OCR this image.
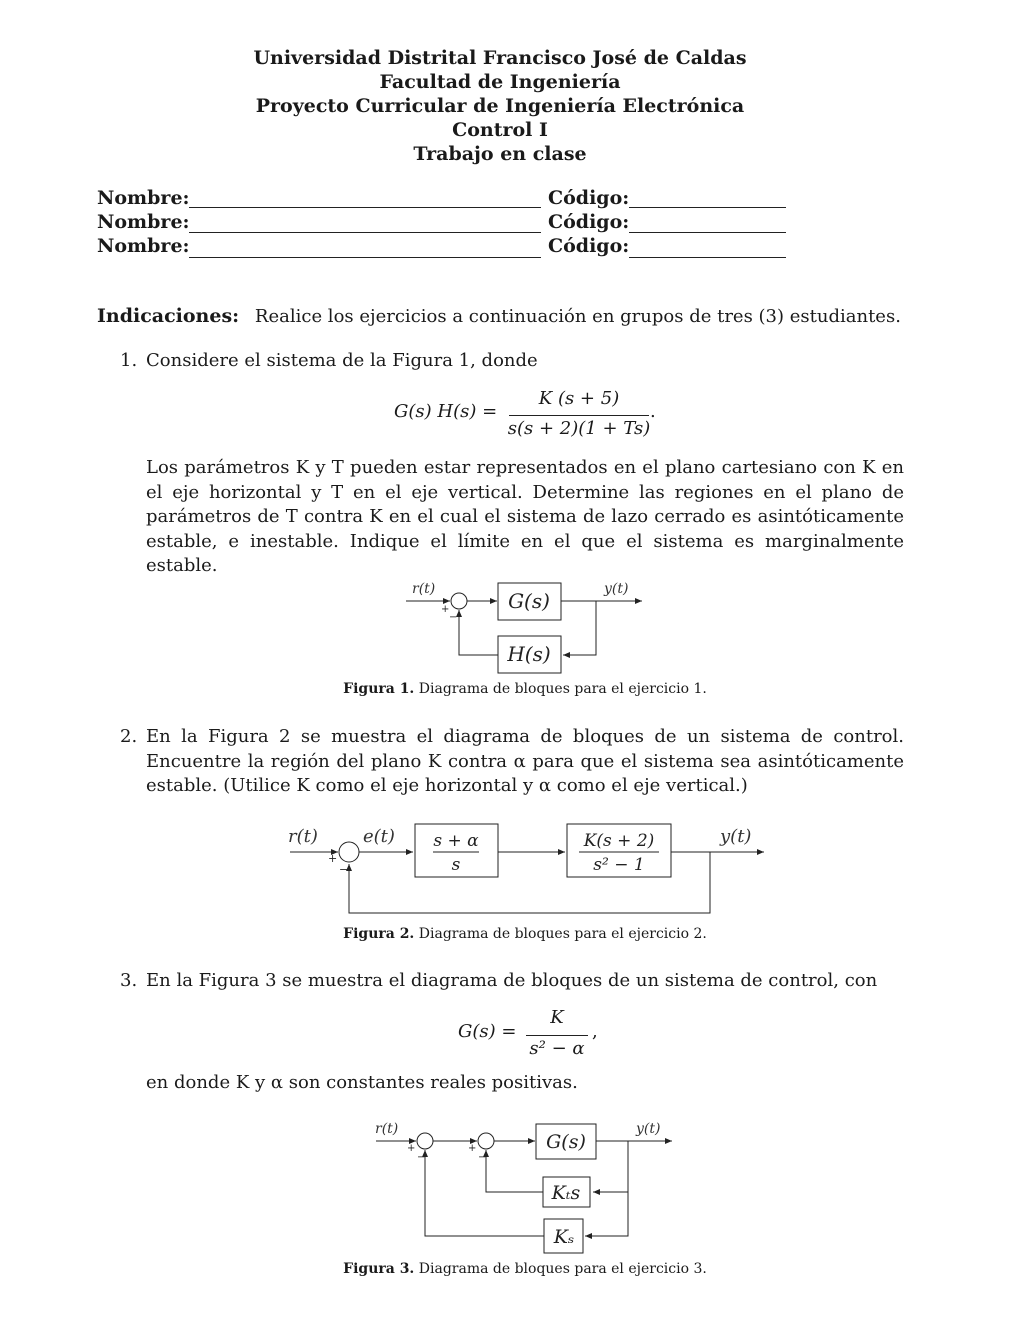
Universidad Distrital Francisco José de Caldas
Facultad de Ingeniería
Proyecto Curricular de Ingeniería Electrónica
Control I
Trabajo en clase
Nombre:	Código:
Nombre:	Código:
Nombre:	Código:
Indicaciones: Realice los ejercicios a continuación en grupos de tres (3) estudiantes.
1. Considere el sistema de la Figura 1, donde
G(s) H(s) =
K (s + 5)
s(s + 2)(1 + Ts)
.
Los parámetros K y T pueden estar representados en el plano cartesiano con K en el eje horizontal y T en el eje vertical. Determine las regiones en el plano de parámetros de T contra K en el cual el sistema de lazo cerrado es asintóticamente estable, e inestable. Indique el límite en el que el sistema es marginalmente estable.
r(t)
+
−
G(s)	y(t)
H(s)
Figura 1. Diagrama de bloques para el ejercicio 1.
2. En la Figura 2 se muestra el diagrama de bloques de un sistema de control. Encuentre la región del plano K contra α para que el sistema sea asintóticamente estable. (Utilice K como el eje horizontal y α como el eje vertical.)
r(t)
+
−
e(t) s + α
s
K(s + 2)
s² − 1
y(t)
Figura 2. Diagrama de bloques para el ejercicio 2.
3. En la Figura 3 se muestra el diagrama de bloques de un sistema de control, con
G(s) =
K
s² − α
,
en donde K y α son constantes reales positivas.
r(t)
+
−
+
−
G(s)
y(t)
Kₜs
Kₛ
Figura 3. Diagrama de bloques para el ejercicio 3.
